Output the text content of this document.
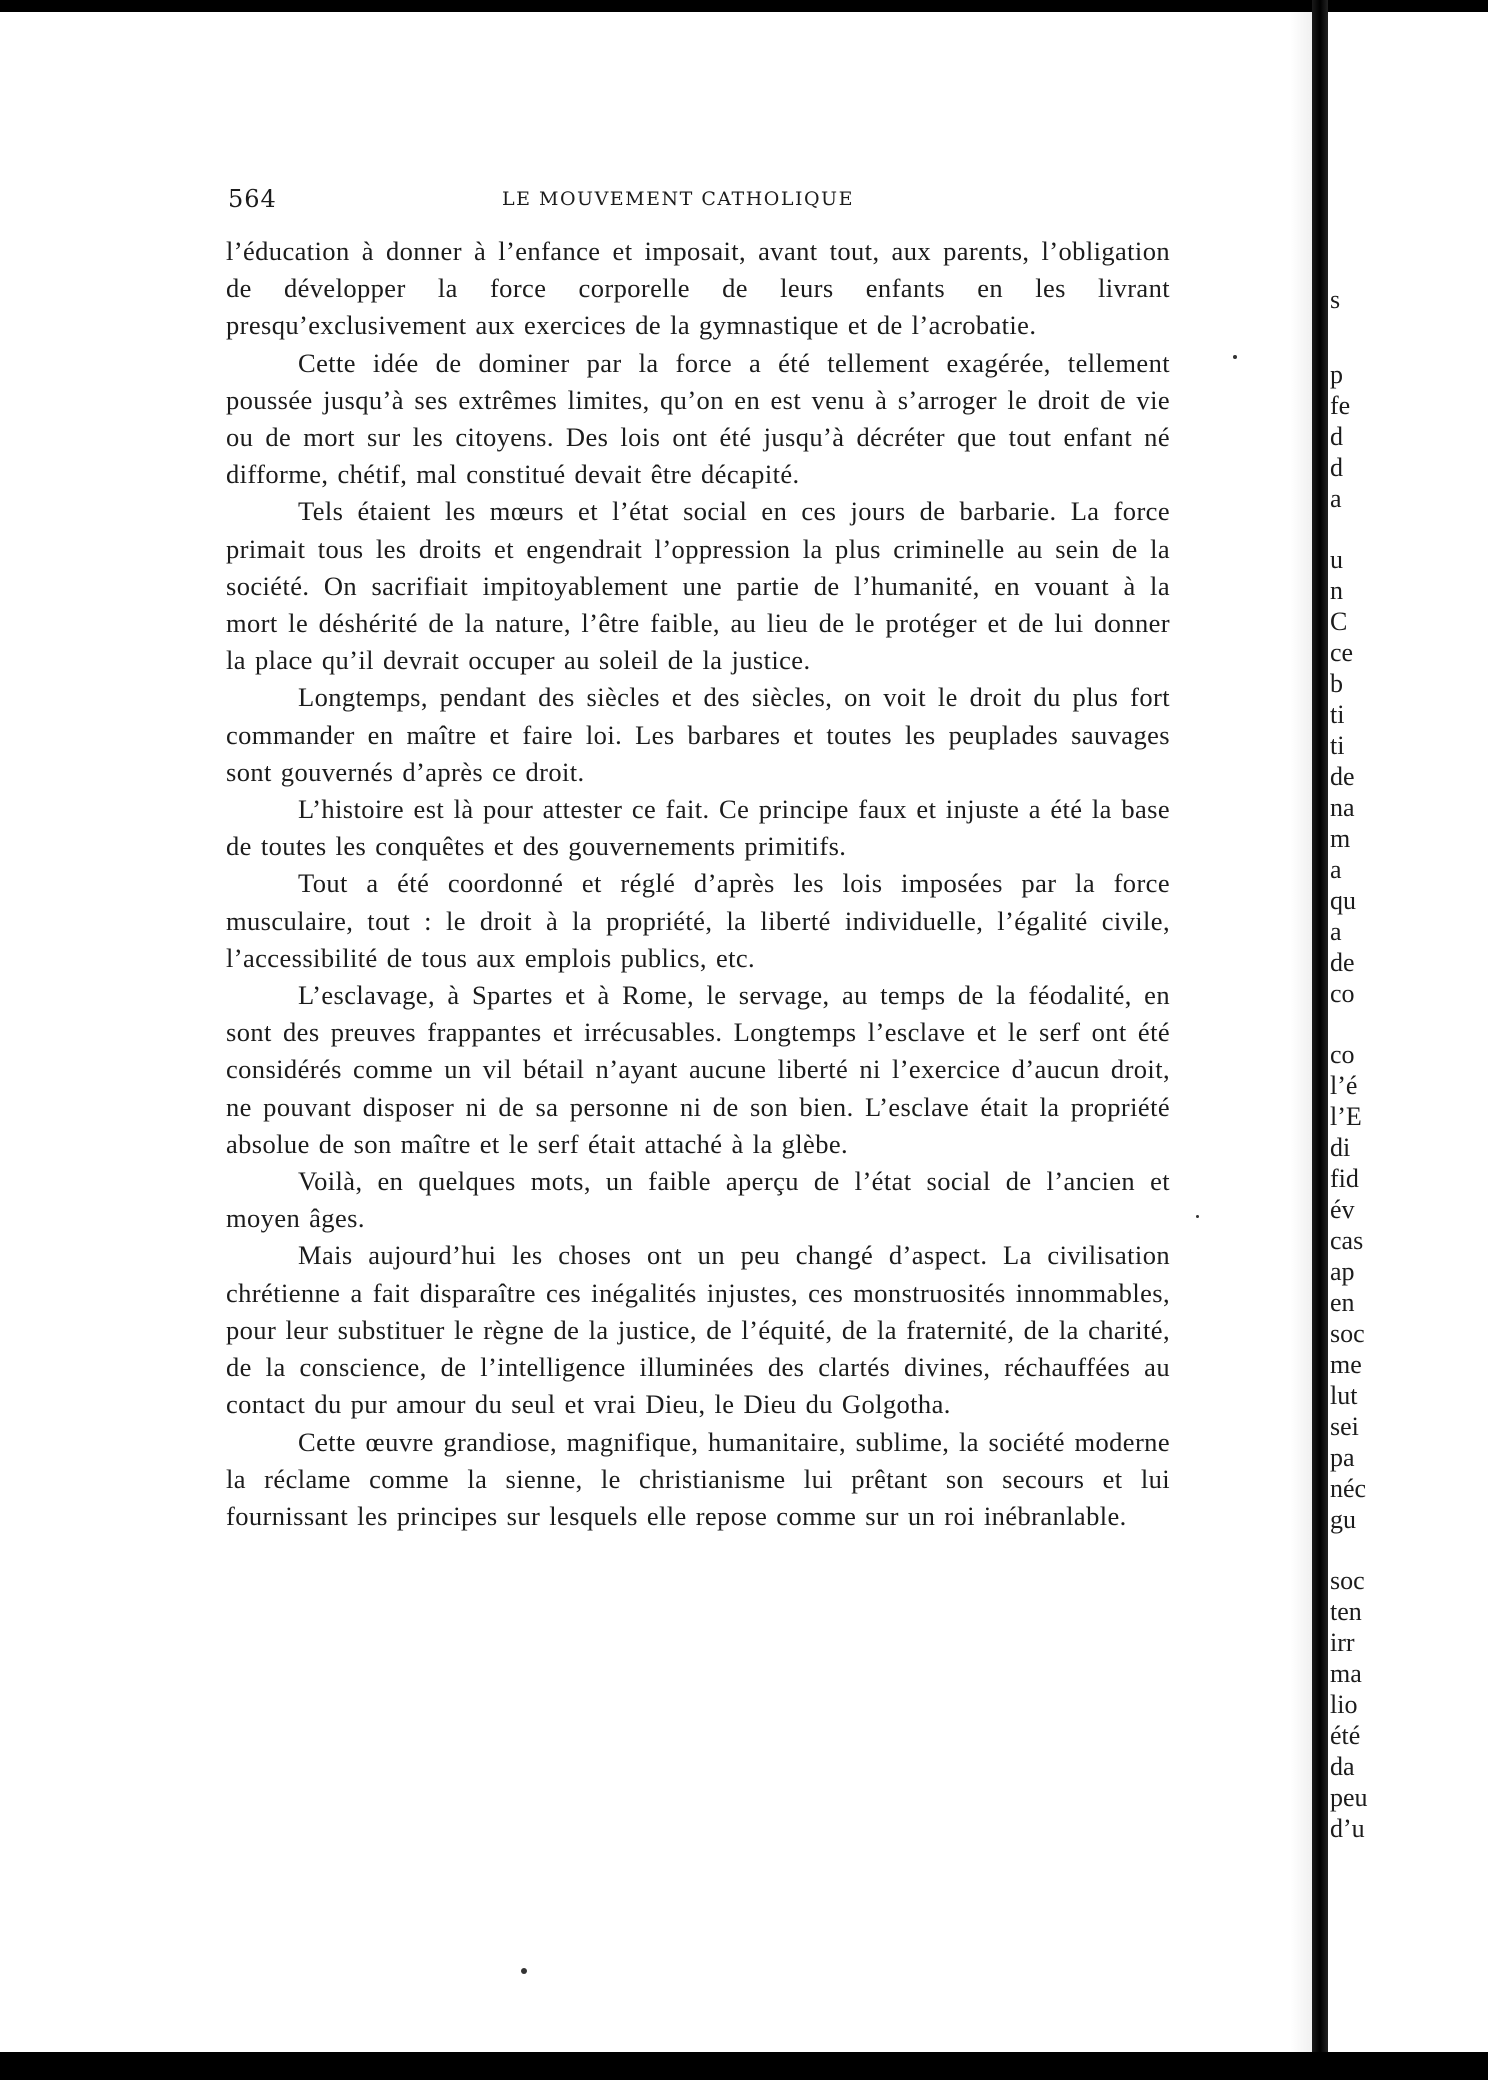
564	LE MOUVEMENT CATHOLIQUE

l’éducation à donner à l’enfance et imposait, avant tout, aux parents, l’obligation de développer la force corporelle de leurs enfants en les livrant presqu’exclusivement aux exercices de la gymnastique et de l’acrobatie.

Cette idée de dominer par la force a été tellement exagérée, tellement poussée jusqu’à ses extrêmes limites, qu’on en est venu à s’arroger le droit de vie ou de mort sur les citoyens. Des lois ont été jusqu’à décréter que tout enfant né difforme, chétif, mal constitué devait être décapité.

Tels étaient les mœurs et l’état social en ces jours de barbarie. La force primait tous les droits et engendrait l’oppression la plus criminelle au sein de la société. On sacrifiait impitoyablement une partie de l’humanité, en vouant à la mort le déshérité de la nature, l’être faible, au lieu de le protéger et de lui donner la place qu’il devrait occuper au soleil de la justice.

Longtemps, pendant des siècles et des siècles, on voit le droit du plus fort commander en maître et faire loi. Les barbares et toutes les peuplades sauvages sont gouvernés d’après ce droit.

L’histoire est là pour attester ce fait. Ce principe faux et injuste a été la base de toutes les conquêtes et des gouvernements primitifs.

Tout a été coordonné et réglé d’après les lois imposées par la force musculaire, tout : le droit à la propriété, la liberté individuelle, l’égalité civile, l’accessibilité de tous aux emplois publics, etc.

L’esclavage, à Spartes et à Rome, le servage, au temps de la féodalité, en sont des preuves frappantes et irrécusables. Longtemps l’esclave et le serf ont été considérés comme un vil bétail n’ayant aucune liberté ni l’exercice d’aucun droit, ne pouvant disposer ni de sa personne ni de son bien. L’esclave était la propriété absolue de son maître et le serf était attaché à la glèbe.

Voilà, en quelques mots, un faible aperçu de l’état social de l’ancien et moyen âges.

Mais aujourd’hui les choses ont un peu changé d’aspect. La civilisation chrétienne a fait disparaître ces inégalités injustes, ces monstruosités innommables, pour leur substituer le règne de la justice, de l’équité, de la fraternité, de la charité, de la conscience, de l’intelligence illuminées des clartés divines, réchauffées au contact du pur amour du seul et vrai Dieu, le Dieu du Golgotha.

Cette œuvre grandiose, magnifique, humanitaire, sublime, la société moderne la réclame comme la sienne, le christianisme lui prêtant son secours et lui fournissant les principes sur lesquels elle repose comme sur un roi inébranlable.

s
p
fe
d
d
a
u
n
C
ce
b
ti
ti
de
na
m
a
qu
a
de
co
co
l’é
l’E
di
fid
év
cas
ap
en
soc
me
lut
sei
pa
néc
gu
soc
ten
irr
ma
lio
été
da
peu
d’u
